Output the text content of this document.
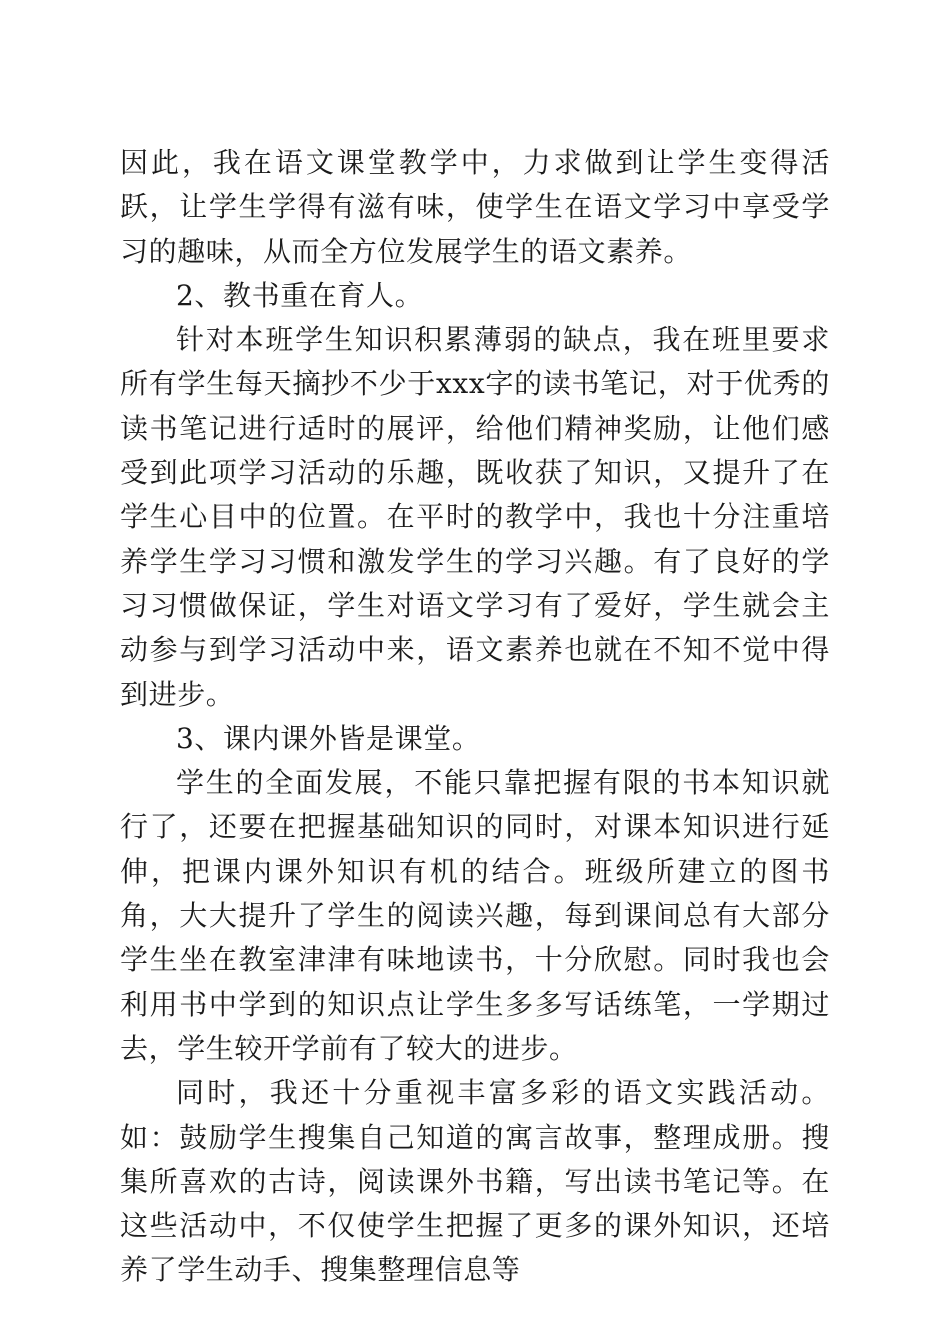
因此，我在语文课堂教学中，力求做到让学生变得活跃，让学生学得有滋有味，使学生在语文学习中享受学习的趣味，从而全方位发展学生的语文素养。

2、教书重在育人。

针对本班学生知识积累薄弱的缺点，我在班里要求所有学生每天摘抄不少于xxx字的读书笔记，对于优秀的读书笔记进行适时的展评，给他们精神奖励，让他们感受到此项学习活动的乐趣，既收获了知识，又提升了在学生心目中的位置。在平时的教学中，我也十分注重培养学生学习习惯和激发学生的学习兴趣。有了良好的学习习惯做保证，学生对语文学习有了爱好，学生就会主动参与到学习活动中来，语文素养也就在不知不觉中得到进步。

3、课内课外皆是课堂。

学生的全面发展，不能只靠把握有限的书本知识就行了，还要在把握基础知识的同时，对课本知识进行延伸，把课内课外知识有机的结合。班级所建立的图书角，大大提升了学生的阅读兴趣，每到课间总有大部分学生坐在教室津津有味地读书，十分欣慰。同时我也会利用书中学到的知识点让学生多多写话练笔，一学期过去，学生较开学前有了较大的进步。

同时，我还十分重视丰富多彩的语文实践活动。如：鼓励学生搜集自己知道的寓言故事，整理成册。搜集所喜欢的古诗，阅读课外书籍，写出读书笔记等。在这些活动中，不仅使学生把握了更多的课外知识，还培养了学生动手、搜集整理信息等
